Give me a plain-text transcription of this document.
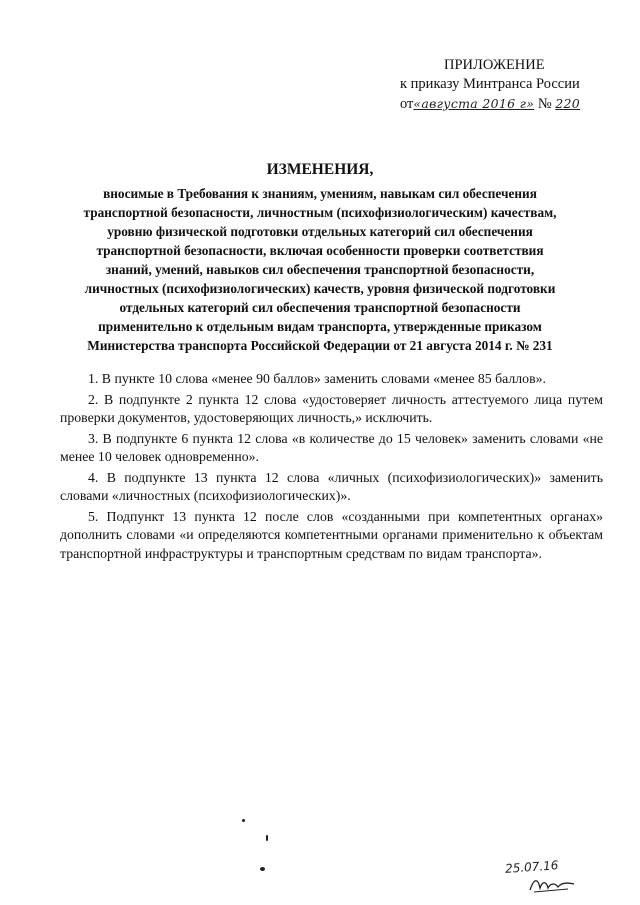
ПРИЛОЖЕНИЕ
к приказу Минтранса России
от«августа 2016 г» № 220
ИЗМЕНЕНИЯ,
вносимые в Требования к знаниям, умениям, навыкам сил обеспечения
транспортной безопасности, личностным (психофизиологическим) качествам,
уровню физической подготовки отдельных категорий сил обеспечения
транспортной безопасности, включая особенности проверки соответствия
знаний, умений, навыков сил обеспечения транспортной безопасности,
личностных (психофизиологических) качеств, уровня физической подготовки
отдельных категорий сил обеспечения транспортной безопасности
применительно к отдельным видам транспорта, утвержденные приказом
Министерства транспорта Российской Федерации от 21 августа 2014 г. № 231

1. В пункте 10 слова «менее 90 баллов» заменить словами «менее 85 баллов».

2. В подпункте 2 пункта 12 слова «удостоверяет личность аттестуемого лица путем проверки документов, удостоверяющих личность,» исключить.

3. В подпункте 6 пункта 12 слова «в количестве до 15 человек» заменить словами «не менее 10 человек одновременно».

4. В подпункте 13 пункта 12 слова «личных (психофизиологических)» заменить словами «личностных (психофизиологических)».

5. Подпункт 13 пункта 12 после слов «созданными при компетентных органах» дополнить словами «и определяются компетентными органами применительно к объектам транспортной инфраструктуры и транспортным средствам по видам транспорта».

25.07.16
